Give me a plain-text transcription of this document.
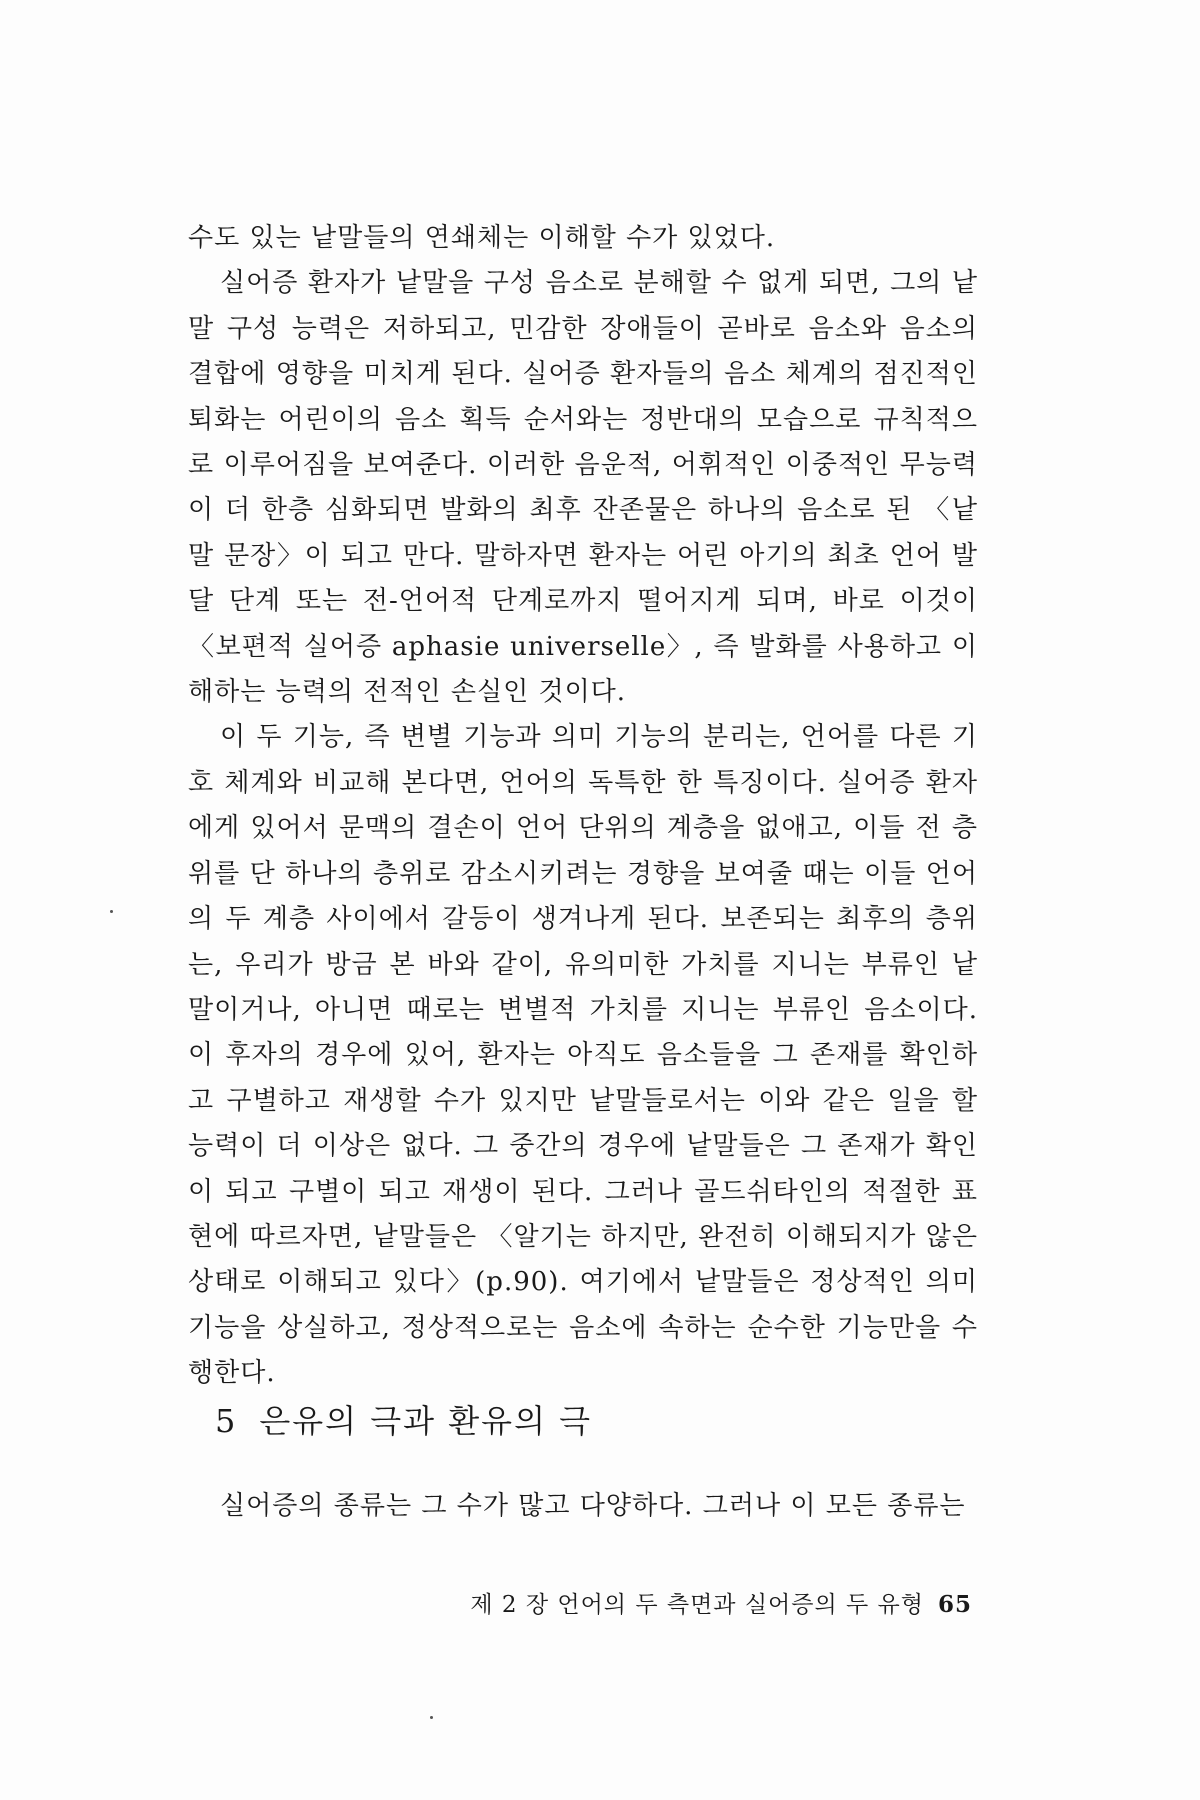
수도 있는 낱말들의 연쇄체는 이해할 수가 있었다.

실어증 환자가 낱말을 구성 음소로 분해할 수 없게 되면, 그의 낱말 구성 능력은 저하되고, 민감한 장애들이 곧바로 음소와 음소의 결합에 영향을 미치게 된다. 실어증 환자들의 음소 체계의 점진적인 퇴화는 어린이의 음소 획득 순서와는 정반대의 모습으로 규칙적으로 이루어짐을 보여준다. 이러한 음운적, 어휘적인 이중적인 무능력이 더 한층 심화되면 발화의 최후 잔존물은 하나의 음소로 된 〈낱말 문장〉이 되고 만다. 말하자면 환자는 어린 아기의 최초 언어 발달 단계 또는 전-언어적 단계로까지 떨어지게 되며, 바로 이것이 〈보편적 실어증 aphasie universelle〉, 즉 발화를 사용하고 이해하는 능력의 전적인 손실인 것이다.

이 두 기능, 즉 변별 기능과 의미 기능의 분리는, 언어를 다른 기호 체계와 비교해 본다면, 언어의 독특한 한 특징이다. 실어증 환자에게 있어서 문맥의 결손이 언어 단위의 계층을 없애고, 이들 전 층위를 단 하나의 층위로 감소시키려는 경향을 보여줄 때는 이들 언어의 두 계층 사이에서 갈등이 생겨나게 된다. 보존되는 최후의 층위는, 우리가 방금 본 바와 같이, 유의미한 가치를 지니는 부류인 낱말이거나, 아니면 때로는 변별적 가치를 지니는 부류인 음소이다. 이 후자의 경우에 있어, 환자는 아직도 음소들을 그 존재를 확인하고 구별하고 재생할 수가 있지만 낱말들로서는 이와 같은 일을 할 능력이 더 이상은 없다. 그 중간의 경우에 낱말들은 그 존재가 확인이 되고 구별이 되고 재생이 된다. 그러나 골드쉬타인의 적절한 표현에 따르자면, 낱말들은 〈알기는 하지만, 완전히 이해되지가 않은 상태로 이해되고 있다〉(p.90). 여기에서 낱말들은 정상적인 의미 기능을 상실하고, 정상적으로는 음소에 속하는 순수한 기능만을 수행한다.

5 은유의 극과 환유의 극

실어증의 종류는 그 수가 많고 다양하다. 그러나 이 모든 종류는

제 2 장 언어의 두 측면과 실어증의 두 유형 65
